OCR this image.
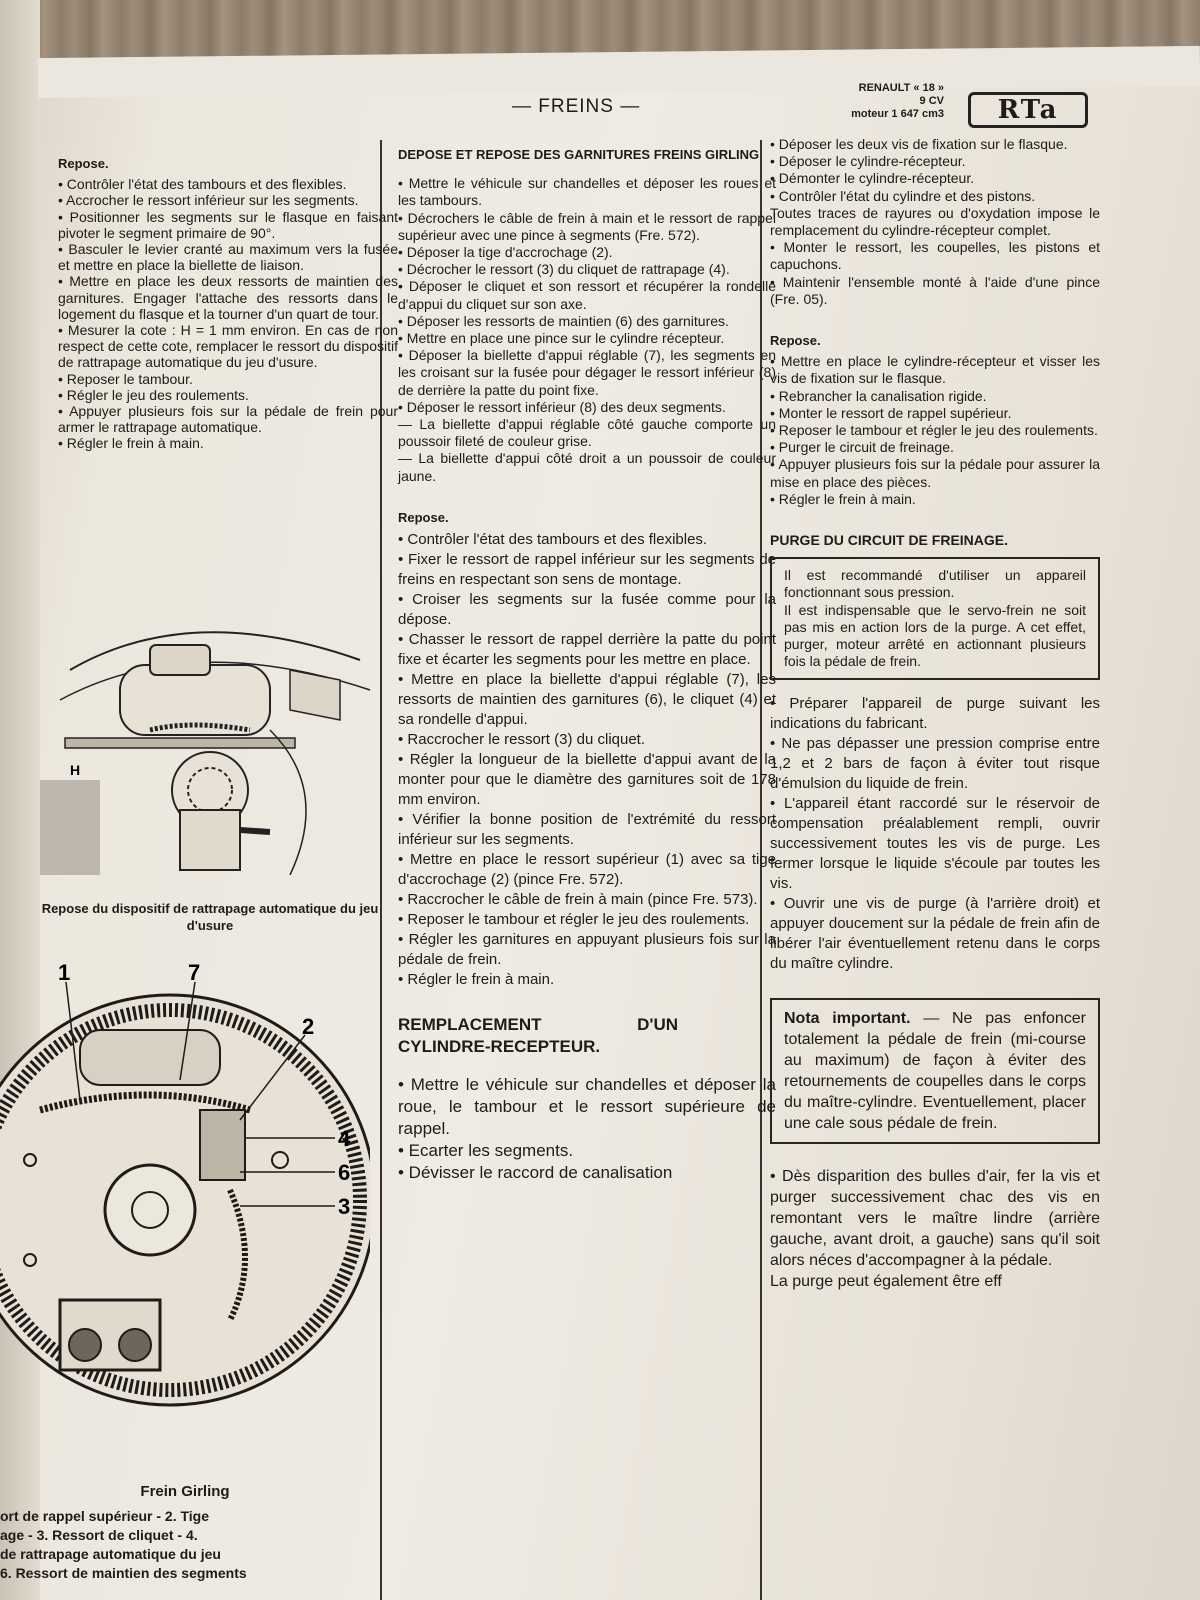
— FREINS —
RENAULT « 18 »
9 CV
moteur 1 647 cm3	RTa

Repose.

• Contrôler l'état des tambours et des flexibles.

• Accrocher le ressort inférieur sur les segments.

• Positionner les segments sur le flasque en faisant pivoter le segment primaire de 90°.

• Basculer le levier cranté au maximum vers la fusée et mettre en place la biellette de liaison.

• Mettre en place les deux ressorts de maintien des garnitures. Engager l'attache des ressorts dans le logement du flasque et la tourner d'un quart de tour.

• Mesurer la cote : H = 1 mm environ. En cas de non respect de cette cote, remplacer le ressort du dispositif de rattrapage automatique du jeu d'usure.

• Reposer le tambour.

• Régler le jeu des roulements.

• Appuyer plusieurs fois sur la pédale de frein pour armer le rattrapage automatique.

• Régler le frein à main.

H

Repose du dispositif de rattrapage automatique du jeu d'usure

1	7
2
4
6
3

Frein Girling

ort de rappel supérieur - 2. Tige

age - 3. Ressort de cliquet - 4.

de rattrapage automatique du jeu

6. Ressort de maintien des segments

DEPOSE ET REPOSE DES GARNITURES FREINS GIRLING

• Mettre le véhicule sur chandelles et déposer les roues et les tambours.

• Décrochers le câble de frein à main et le ressort de rappel supérieur avec une pince à segments (Fre. 572).

• Déposer la tige d'accrochage (2).

• Décrocher le ressort (3) du cliquet de rattrapage (4).

• Déposer le cliquet et son ressort et récupérer la rondelle d'appui du cliquet sur son axe.

• Déposer les ressorts de maintien (6) des garnitures.

• Mettre en place une pince sur le cylindre récepteur.

• Déposer la biellette d'appui réglable (7), les segments en les croisant sur la fusée pour dégager le ressort inférieur (8) de derrière la patte du point fixe.

• Déposer le ressort inférieur (8) des deux segments.

— La biellette d'appui réglable côté gauche comporte un poussoir fileté de couleur grise.

— La biellette d'appui côté droit a un poussoir de couleur jaune.

Repose.

• Contrôler l'état des tambours et des flexibles.

• Fixer le ressort de rappel inférieur sur les segments de freins en respectant son sens de montage.

• Croiser les segments sur la fusée comme pour la dépose.

• Chasser le ressort de rappel derrière la patte du point fixe et écarter les segments pour les mettre en place.

• Mettre en place la biellette d'appui réglable (7), les ressorts de maintien des garnitures (6), le cliquet (4) et sa rondelle d'appui.

• Raccrocher le ressort (3) du cliquet.

• Régler la longueur de la biellette d'appui avant de la monter pour que le diamètre des garnitures soit de 178 mm environ.

• Vérifier la bonne position de l'extrémité du ressort inférieur sur les segments.

• Mettre en place le ressort supérieur (1) avec sa tige d'accrochage (2) (pince Fre. 572).

• Raccrocher le câble de frein à main (pince Fre. 573).

• Reposer le tambour et régler le jeu des roulements.

• Régler les garnitures en appuyant plusieurs fois sur la pédale de frein.

• Régler le frein à main.

REMPLACEMENT D'UN CYLINDRE-RECEPTEUR.

• Mettre le véhicule sur chandelles et déposer la roue, le tambour et le ressort supérieure de rappel.

• Ecarter les segments.

• Dévisser le raccord de canalisation

• Déposer les deux vis de fixation sur le flasque.

• Déposer le cylindre-récepteur.

• Démonter le cylindre-récepteur.

• Contrôler l'état du cylindre et des pistons.

Toutes traces de rayures ou d'oxydation impose le remplacement du cylindre-récepteur complet.

• Monter le ressort, les coupelles, les pistons et capuchons.

• Maintenir l'ensemble monté à l'aide d'une pince (Fre. 05).

Repose.

• Mettre en place le cylindre-récepteur et visser les vis de fixation sur le flasque.

• Rebrancher la canalisation rigide.

• Monter le ressort de rappel supérieur.

• Reposer le tambour et régler le jeu des roulements.

• Purger le circuit de freinage.

• Appuyer plusieurs fois sur la pédale pour assurer la mise en place des pièces.

• Régler le frein à main.

PURGE DU CIRCUIT DE FREINAGE.

Il est recommandé d'utiliser un appareil fonctionnant sous pression.

Il est indispensable que le servo-frein ne soit pas mis en action lors de la purge. A cet effet, purger, moteur arrêté en actionnant plusieurs fois la pédale de frein.

• Préparer l'appareil de purge suivant les indications du fabricant.

• Ne pas dépasser une pression comprise entre 1,2 et 2 bars de façon à éviter tout risque d'émulsion du liquide de frein.

• L'appareil étant raccordé sur le réservoir de compensation préalablement rempli, ouvrir successivement toutes les vis de purge. Les fermer lorsque le liquide s'écoule par toutes les vis.

• Ouvrir une vis de purge (à l'arrière droit) et appuyer doucement sur la pédale de frein afin de libérer l'air éventuellement retenu dans le corps du maître cylindre.

Nota important. — Ne pas enfoncer totalement la pédale de frein (mi-course au maximum) de façon à éviter des retournements de coupelles dans le corps du maître-cylindre. Eventuellement, placer une cale sous pédale de frein.

• Dès disparition des bulles d'air, fer la vis et purger successivement chac des vis en remontant vers le maître lindre (arrière gauche, avant droit, a gauche) sans qu'il soit alors néces d'accompagner à la pédale.

La purge peut également être eff
